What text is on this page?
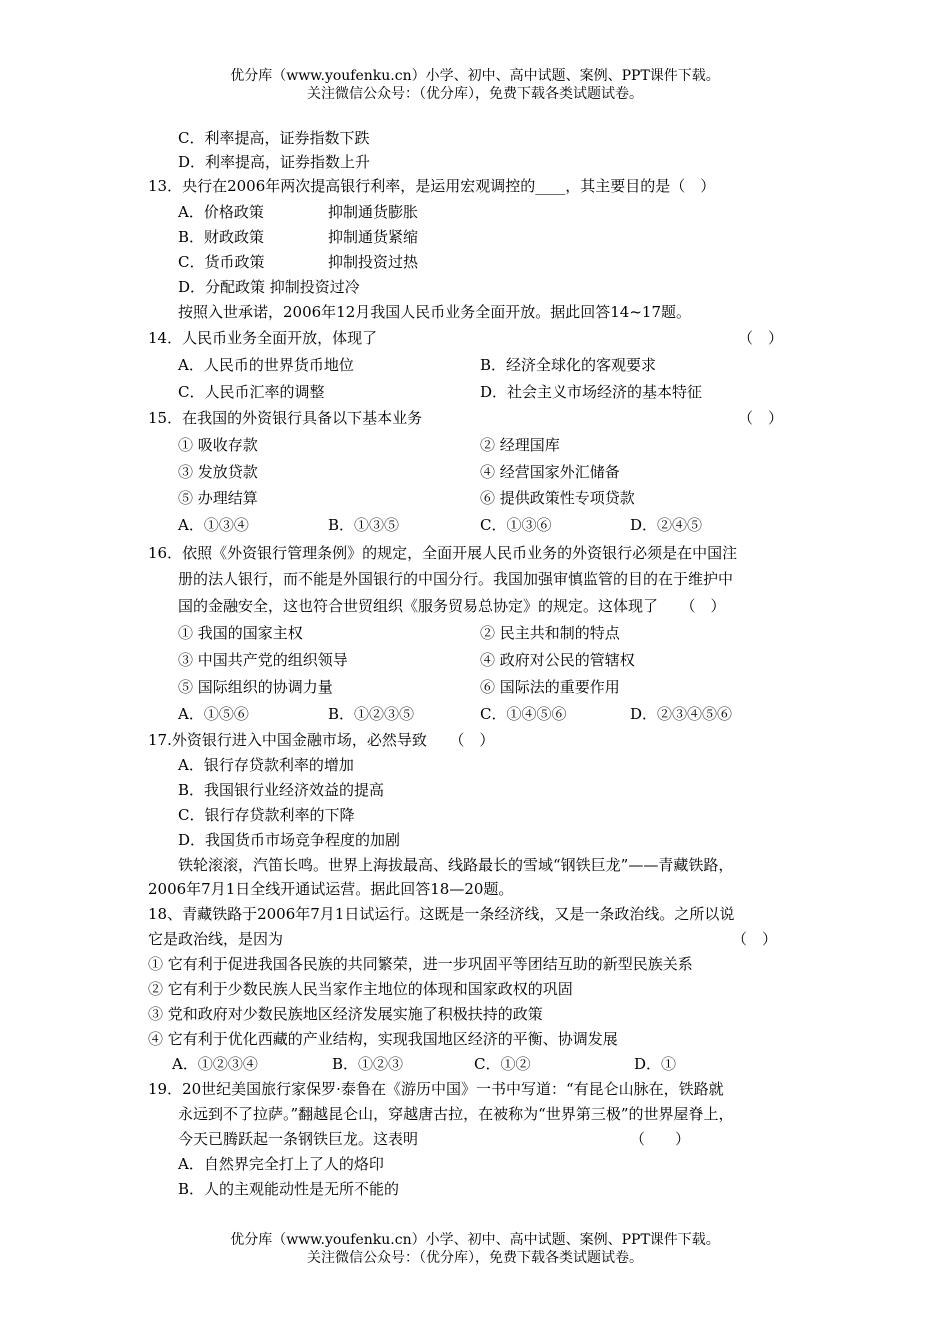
优分库（www.youfenku.cn）小学、初中、高中试题、案例、PPT课件下载。
关注微信公众号：（优分库），免费下载各类试题试卷。
C．利率提高，证券指数下跌
D．利率提高，证券指数上升
13．央行在2006年两次提高银行利率，是运用宏观调控的____，其主要目的是（　）
A．价格政策	抑制通货膨胀
B．财政政策	抑制通货紧缩
C．货币政策	抑制投资过热
D．分配政策 抑制投资过冷
按照入世承诺，2006年12月我国人民币业务全面开放。据此回答14~17题。
14．人民币业务全面开放，体现了	（　）
A．人民币的世界货币地位	B．经济全球化的客观要求
C．人民币汇率的调整	D．社会主义市场经济的基本特征
15．在我国的外资银行具备以下基本业务	（　）
① 吸收存款	② 经理国库
③ 发放贷款	④ 经营国家外汇储备
⑤ 办理结算	⑥ 提供政策性专项贷款
A．①③④	B．①③⑤	C．①③⑥	D．②④⑤
16．依照《外资银行管理条例》的规定，全面开展人民币业务的外资银行必须是在中国注
册的法人银行，而不能是外国银行的中国分行。我国加强审慎监管的目的在于维护中
国的金融安全，这也符合世贸组织《服务贸易总协定》的规定。这体现了　　（　）
① 我国的国家主权	② 民主共和制的特点
③ 中国共产党的组织领导	④ 政府对公民的管辖权
⑤ 国际组织的协调力量	⑥ 国际法的重要作用
A．①⑤⑥	B．①②③⑤	C．①④⑤⑥	D．②③④⑤⑥
17.外资银行进入中国金融市场，必然导致　　（　）
A．银行存贷款利率的增加
B．我国银行业经济效益的提高
C．银行存贷款利率的下降
D．我国货币市场竞争程度的加剧
铁轮滚滚，汽笛长鸣。世界上海拔最高、线路最长的雪域“钢铁巨龙”——青藏铁路，
2006年7月1日全线开通试运营。据此回答18—20题。
18、青藏铁路于2006年7月1日试运行。这既是一条经济线，又是一条政治线。之所以说
它是政治线，是因为	（　）
① 它有利于促进我国各民族的共同繁荣，进一步巩固平等团结互助的新型民族关系
② 它有利于少数民族人民当家作主地位的体现和国家政权的巩固
③ 党和政府对少数民族地区经济发展实施了积极扶持的政策
④ 它有利于优化西藏的产业结构，实现我国地区经济的平衡、协调发展
A．①②③④	B．①②③	C．①②	D．①
19．20世纪美国旅行家保罗·泰鲁在《游历中国》一书中写道：“有昆仑山脉在，铁路就
永远到不了拉萨。”翻越昆仑山，穿越唐古拉，在被称为“世界第三极”的世界屋脊上，
今天已腾跃起一条钢铁巨龙。这表明	（　　）
A．自然界完全打上了人的烙印
B．人的主观能动性是无所不能的
优分库（www.youfenku.cn）小学、初中、高中试题、案例、PPT课件下载。
关注微信公众号：（优分库），免费下载各类试题试卷。
